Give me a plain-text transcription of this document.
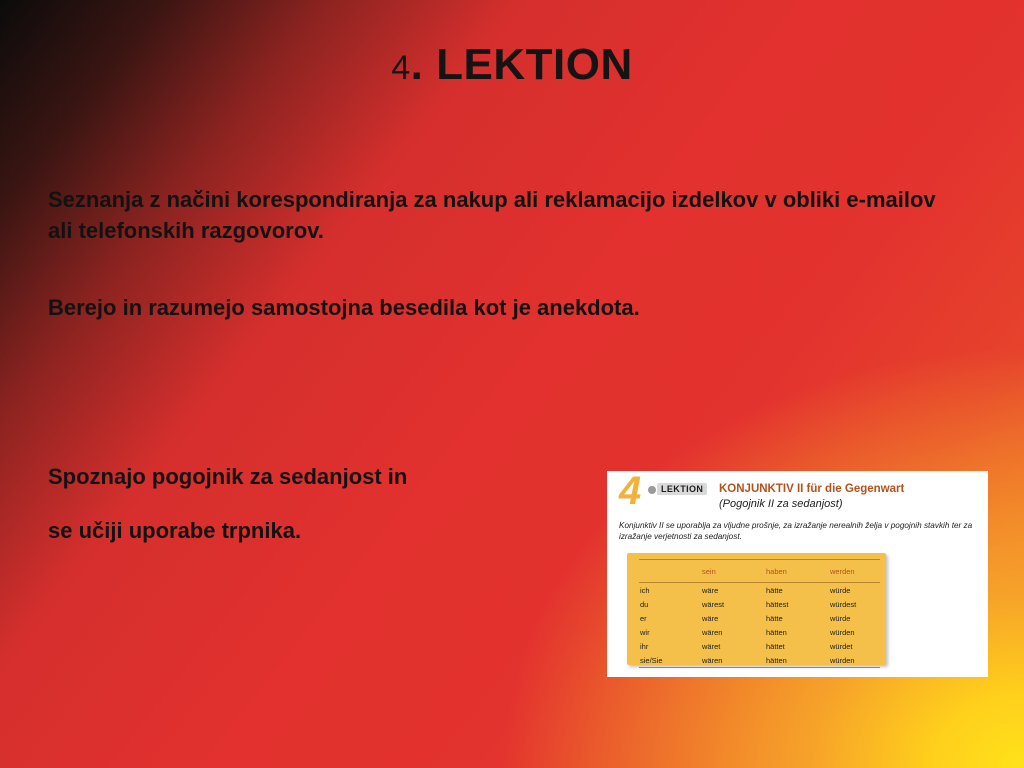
4. LEKTION
Seznanja z načini korespondiranja za nakup ali reklamacijo izdelkov v obliki e-mailov ali telefonskih razgovorov.
Berejo in razumejo samostojna besedila kot je anekdota.
Spoznajo pogojnik za sedanjost in
se učiji uporabe trpnika.
4	LEKTION	KONJUNKTIV II für die Gegenwart
(Pogojnik II za sedanjost)
Konjunktiv II se uporablja za vljudne prošnje, za izražanje nerealnih želja v pogojnih stavkih ter za izražanje verjetnosti za sedanjost.
	sein	haben	werden
ich	wäre	hätte	würde
du	wärest	hättest	würdest
er	wäre	hätte	würde
wir	wären	hätten	würden
ihr	wäret	hättet	würdet
sie/Sie	wären	hätten	würden
